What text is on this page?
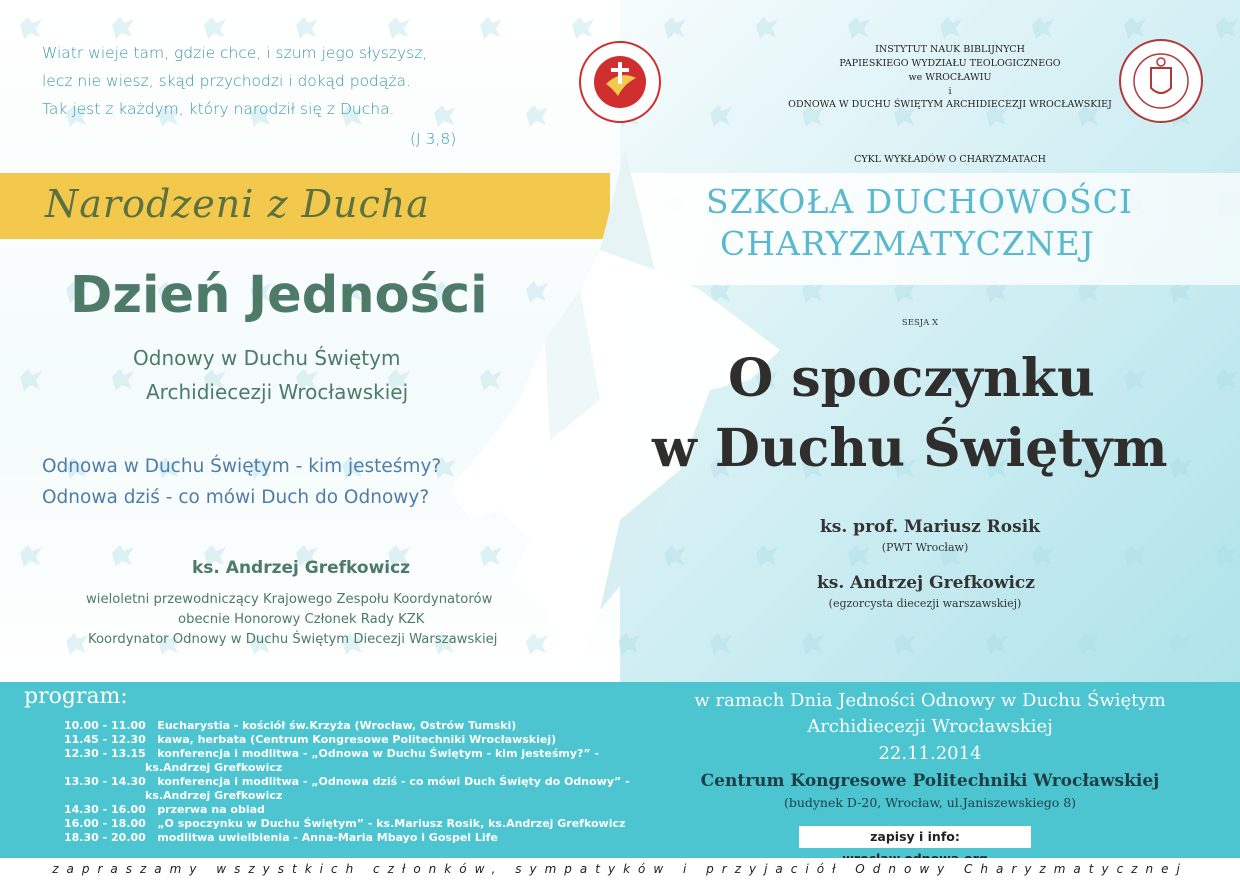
Wiatr wieje tam, gdzie chce, i szum jego słyszysz,
lecz nie wiesz, skąd przychodzi i dokąd podąża.
Tak jest z każdym, który narodził się z Ducha.
(J 3,8)
Narodzeni z Ducha
Dzień Jedności
Odnowy w Duchu Świętym
Archidiecezji Wrocławskiej
Odnowa w Duchu Świętym - kim jesteśmy?
Odnowa dziś - co mówi Duch do Odnowy?
ks. Andrzej Grefkowicz
wieloletni przewodniczący Krajowego Zespołu Koordynatorów
obecnie Honorowy Członek Rady KZK
Koordynator Odnowy w Duchu Świętym Diecezji Warszawskiej
INSTYTUT NAUK BIBLIJNYCH
PAPIESKIEGO WYDZIAŁU TEOLOGICZNEGO
we WROCŁAWIU
i
ODNOWA W DUCHU ŚWIĘTYM ARCHIDIECEZJI WROCŁAWSKIEJ
CYKL WYKŁADÓW O CHARYZMATACH
SZKOŁA DUCHOWOŚCI
CHARYZMATYCZNEJ
SESJA X
O spoczynku
w Duchu Świętym
ks. prof. Mariusz Rosik
(PWT Wrocław)
ks. Andrzej Grefkowicz
(egzorcysta diecezji warszawskiej)
program:
10.00 - 11.00 Eucharystia - kościół św.Krzyża (Wrocław, Ostrów Tumski)
11.45 - 12.30 kawa, herbata (Centrum Kongresowe Politechniki Wrocławskiej)
12.30 - 13.15 konferencja i modlitwa - „Odnowa w Duchu Świętym - kim jesteśmy?” -
ks.Andrzej Grefkowicz
13.30 - 14.30 konferencja i modlitwa - „Odnowa dziś - co mówi Duch Święty do Odnowy” -
ks.Andrzej Grefkowicz
14.30 - 16.00 przerwa na obiad
16.00 - 18.00 „O spoczynku w Duchu Świętym” - ks.Mariusz Rosik, ks.Andrzej Grefkowicz
18.30 - 20.00 modlitwa uwielbienia - Anna-Maria Mbayo i Gospel Life
w ramach Dnia Jedności Odnowy w Duchu Świętym
Archidiecezji Wrocławskiej
22.11.2014
Centrum Kongresowe Politechniki Wrocławskiej
(budynek D-20, Wrocław, ul.Janiszewskiego 8)
zapisy i info:
zapraszamy wszystkich członków, sympatyków i przyjaciół Odnowy Charyzmatycznej
